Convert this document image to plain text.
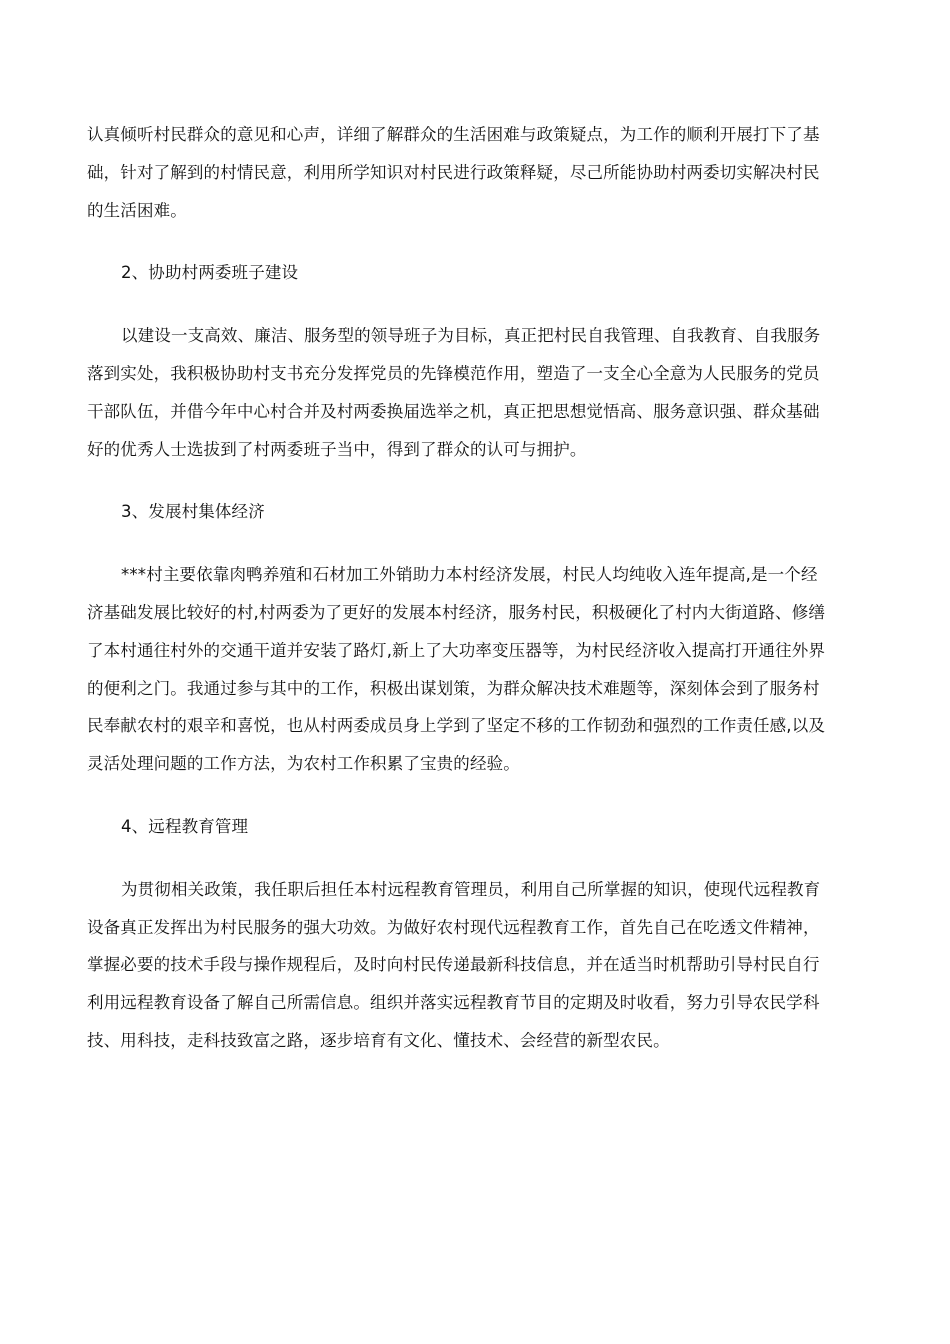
认真倾听村民群众的意见和心声，详细了解群众的生活困难与政策疑点，为工作的顺利开展打下了基
础，针对了解到的村情民意，利用所学知识对村民进行政策释疑，尽己所能协助村两委切实解决村民
的生活困难。
2、协助村两委班子建设
以建设一支高效、廉洁、服务型的领导班子为目标，真正把村民自我管理、自我教育、自我服务
落到实处，我积极协助村支书充分发挥党员的先锋模范作用，塑造了一支全心全意为人民服务的党员
干部队伍，并借今年中心村合并及村两委换届选举之机，真正把思想觉悟高、服务意识强、群众基础
好的优秀人士选拔到了村两委班子当中，得到了群众的认可与拥护。
3、发展村集体经济
***村主要依靠肉鸭养殖和石材加工外销助力本村经济发展，村民人均纯收入连年提高,是一个经
济基础发展比较好的村,村两委为了更好的发展本村经济，服务村民，积极硬化了村内大街道路、修缮
了本村通往村外的交通干道并安装了路灯,新上了大功率变压器等，为村民经济收入提高打开通往外界
的便利之门。我通过参与其中的工作，积极出谋划策，为群众解决技术难题等，深刻体会到了服务村
民奉献农村的艰辛和喜悦，也从村两委成员身上学到了坚定不移的工作韧劲和强烈的工作责任感,以及
灵活处理问题的工作方法，为农村工作积累了宝贵的经验。
4、远程教育管理
为贯彻相关政策，我任职后担任本村远程教育管理员，利用自己所掌握的知识，使现代远程教育
设备真正发挥出为村民服务的强大功效。为做好农村现代远程教育工作，首先自己在吃透文件精神，
掌握必要的技术手段与操作规程后，及时向村民传递最新科技信息，并在适当时机帮助引导村民自行
利用远程教育设备了解自己所需信息。组织并落实远程教育节目的定期及时收看，努力引导农民学科
技、用科技，走科技致富之路，逐步培育有文化、懂技术、会经营的新型农民。
